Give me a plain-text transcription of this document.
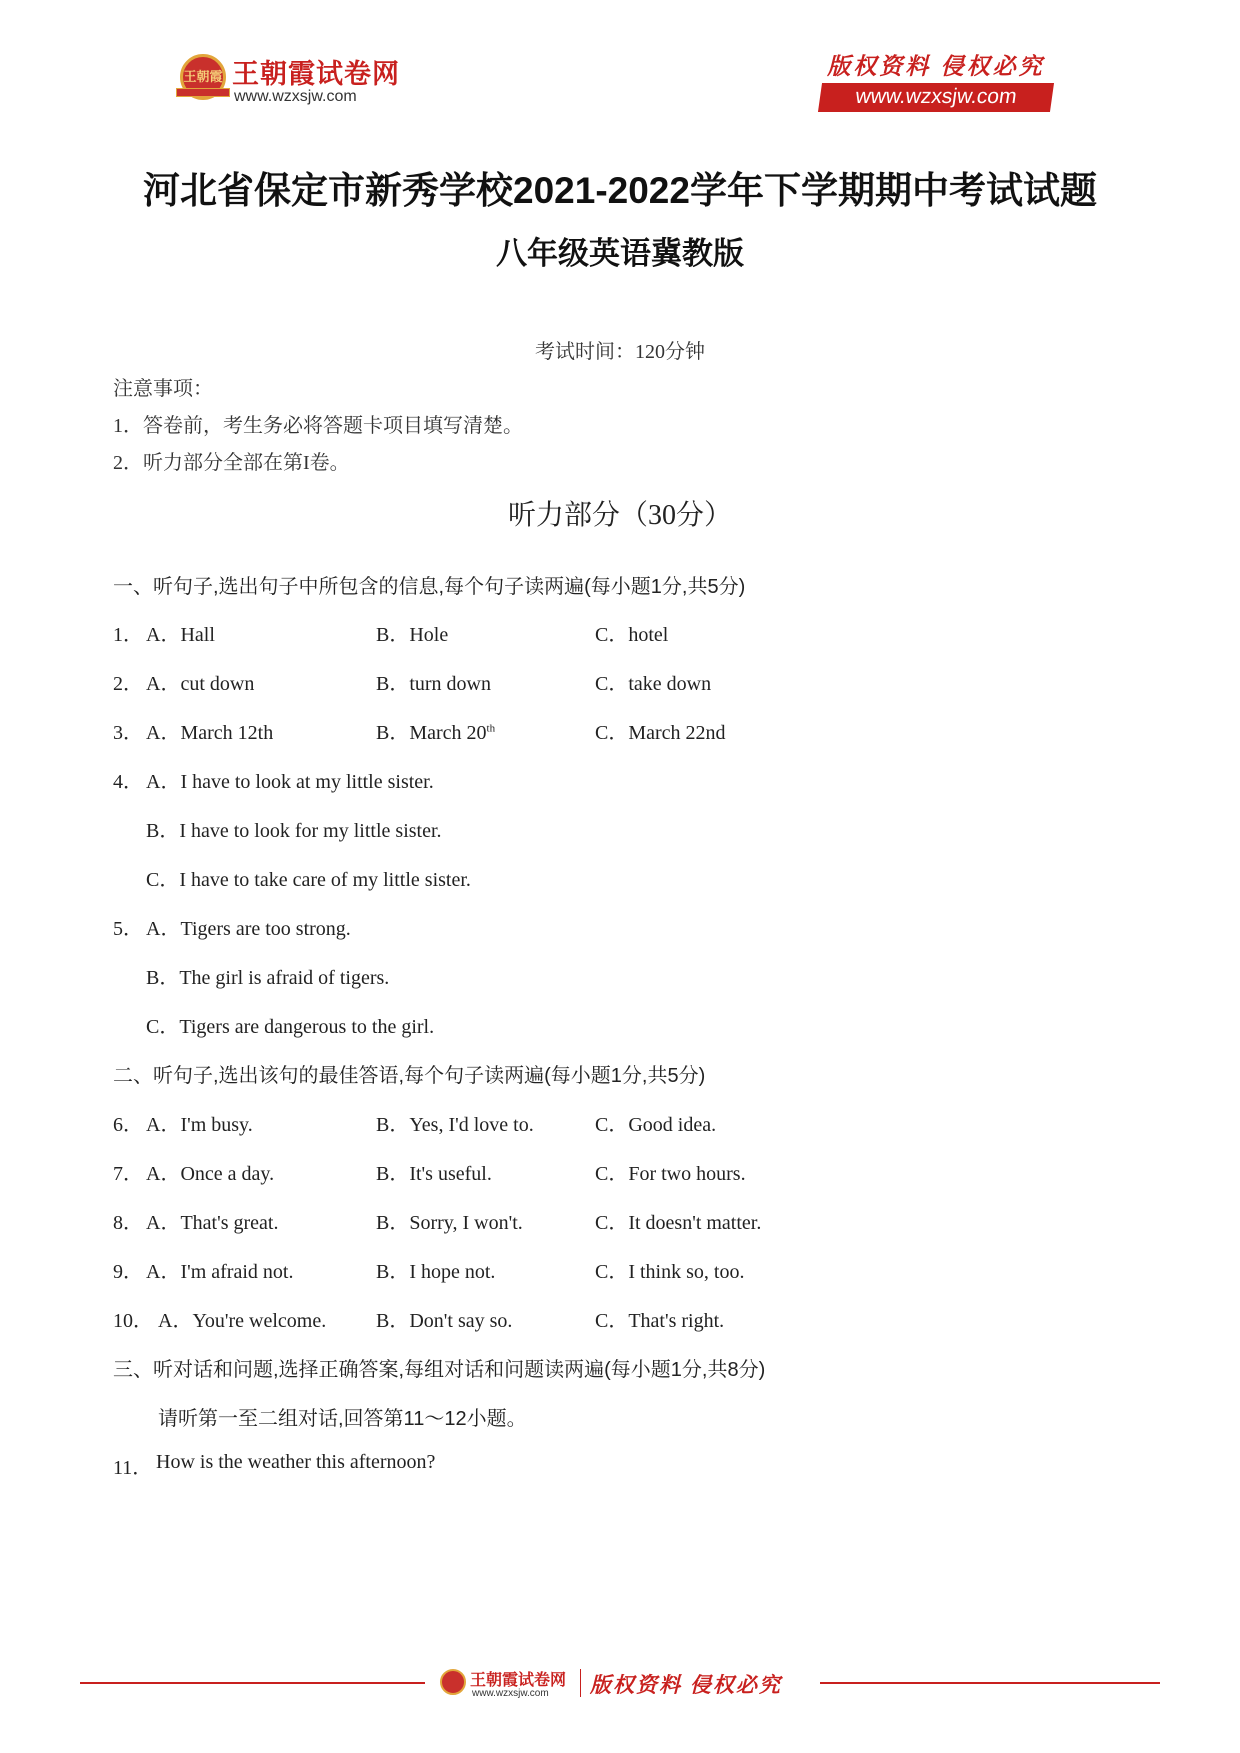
王朝霞 王朝霞试卷网
www.wzxsjw.com
版权资料 侵权必究
www.wzxsjw.com
河北省保定市新秀学校2021-2022学年下学期期中考试试题
八年级英语冀教版
考试时间：120分钟
注意事项：
1．答卷前，考生务必将答题卡项目填写清楚。
2．听力部分全部在第I卷。
听力部分（30分）
一、听句子,选出句子中所包含的信息,每个句子读两遍(每小题1分,共5分)
1． A．Hall	B．Hole	C．hotel
2． A．cut down	B．turn down	C．take down
3． A．March 12th	B．March 20th	C．March 22nd
4． A．I have to look at my little sister.
B．I have to look for my little sister.
C．I have to take care of my little sister.
5． A．Tigers are too strong.
B．The girl is afraid of tigers.
C．Tigers are dangerous to the girl.
二、听句子,选出该句的最佳答语,每个句子读两遍(每小题1分,共5分)
6． A．I'm busy.	B．Yes, I'd love to.	C．Good idea.
7． A．Once a day.	B．It's useful.	C．For two hours.
8． A．That's great.	B．Sorry, I won't.	C．It doesn't matter.
9． A．I'm afraid not.	B．I hope not.	C．I think so, too.
10． A．You're welcome. B．Don't say so.	C．That's right.
三、听对话和问题,选择正确答案,每组对话和问题读两遍(每小题1分,共8分)
请听第一至二组对话,回答第11～12小题。
11． How is the weather this afternoon?
王朝霞试卷网
www.wzxsjw.com 版权资料 侵权必究
